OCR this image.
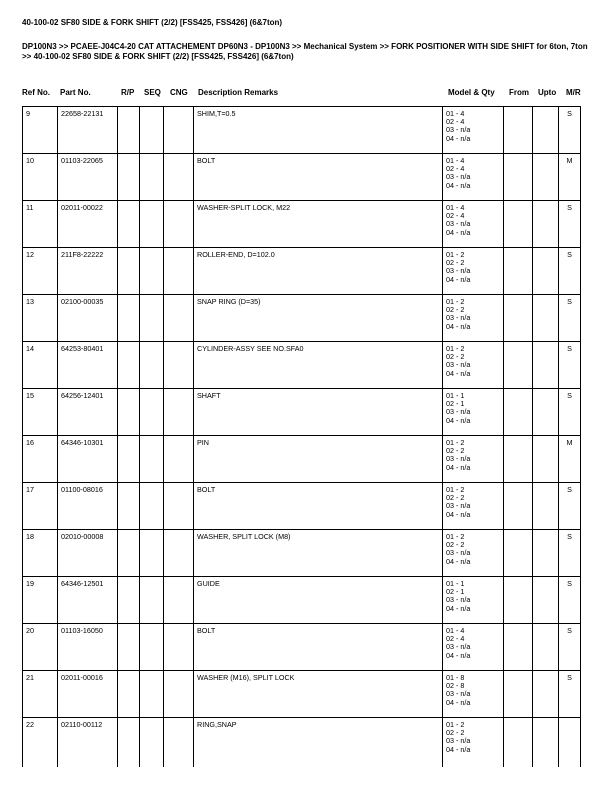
40-100-02 SF80 SIDE & FORK SHIFT (2/2) [FSS425, FSS426] (6&7ton)
DP100N3 >> PCAEE-J04C4-20 CAT ATTACHEMENT DP60N3 - DP100N3 >> Mechanical System >> FORK POSITIONER WITH SIDE SHIFT for 6ton, 7ton >> 40-100-02 SF80 SIDE & FORK SHIFT (2/2) [FSS425, FSS426] (6&7ton)
Ref No. Part No.	R/P SEQ CNG Description Remarks	Model & Qty From Upto M/R
9	22658-22131				SHIM,T=0.5	01 - 4
02 - 4
03 - n/a
04 - n/a			S
10	01103-22065				BOLT	01 - 4
02 - 4
03 - n/a
04 - n/a			M
11	02011-00022				WASHER-SPLIT LOCK, M22	01 - 4
02 - 4
03 - n/a
04 - n/a			S
12	211F8-22222				ROLLER-END, D=102.0	01 - 2
02 - 2
03 - n/a
04 - n/a			S
13	02100-00035				SNAP RING (D=35)	01 - 2
02 - 2
03 - n/a
04 - n/a			S
14	64253-80401				CYLINDER-ASSY SEE NO.SFA0	01 - 2
02 - 2
03 - n/a
04 - n/a			S
15	64256-12401				SHAFT	01 - 1
02 - 1
03 - n/a
04 - n/a			S
16	64346-10301				PIN	01 - 2
02 - 2
03 - n/a
04 - n/a			M
17	01100-08016				BOLT	01 - 2
02 - 2
03 - n/a
04 - n/a			S
18	02010-00008				WASHER, SPLIT LOCK (M8)	01 - 2
02 - 2
03 - n/a
04 - n/a			S
19	64346-12501				GUIDE	01 - 1
02 - 1
03 - n/a
04 - n/a			S
20	01103-16050				BOLT	01 - 4
02 - 4
03 - n/a
04 - n/a			S
21	02011-00016				WASHER (M16), SPLIT LOCK	01 - 8
02 - 8
03 - n/a
04 - n/a			S
22	02110-00112				RING,SNAP	01 - 2
02 - 2
03 - n/a
04 - n/a			
